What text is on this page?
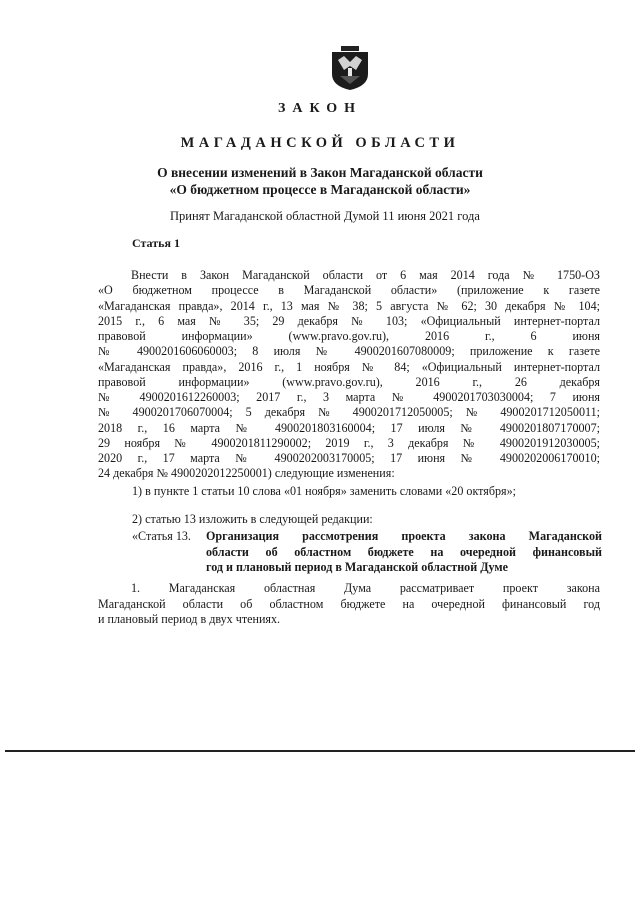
ЗАКОН
МАГАДАНСКОЙ ОБЛАСТИ
О внесении изменений в Закон Магаданской области
«О бюджетном процессе в Магаданской области»
Принят Магаданской областной Думой 11 июня 2021 года
Статья 1
Внести в Закон Магаданской области от 6 мая 2014 года № 1750-ОЗ
«О бюджетном процессе в Магаданской области» (приложение к газете
«Магаданская правда», 2014 г., 13 мая № 38; 5 августа № 62; 30 декабря № 104;
2015 г., 6 мая № 35; 29 декабря № 103; «Официальный интернет-портал
правовой информации» (www.pravo.gov.ru), 2016 г., 6 июня
№ 4900201606060003; 8 июля № 4900201607080009; приложение к газете
«Магаданская правда», 2016 г., 1 ноября № 84; «Официальный интернет-портал
правовой информации» (www.pravo.gov.ru), 2016 г., 26 декабря
№ 4900201612260003; 2017 г., 3 марта № 4900201703030004; 7 июня
№ 4900201706070004; 5 декабря № 4900201712050005; № 4900201712050011;
2018 г., 16 марта № 4900201803160004; 17 июля № 4900201807170007;
29 ноября № 4900201811290002; 2019 г., 3 декабря № 4900201912030005;
2020 г., 17 марта № 4900202003170005; 17 июня № 4900202006170010;
24 декабря № 4900202012250001) следующие изменения:
1) в пункте 1 статьи 10 слова «01 ноября» заменить словами «20 октября»;
2) статью 13 изложить в следующей редакции:
«Статья 13. Организация рассмотрения проекта закона Магаданской
области об областном бюджете на очередной финансовый
год и плановый период в Магаданской областной Думе
1. Магаданская областная Дума рассматривает проект закона
Магаданской области об областном бюджете на очередной финансовый год
и плановый период в двух чтениях.
